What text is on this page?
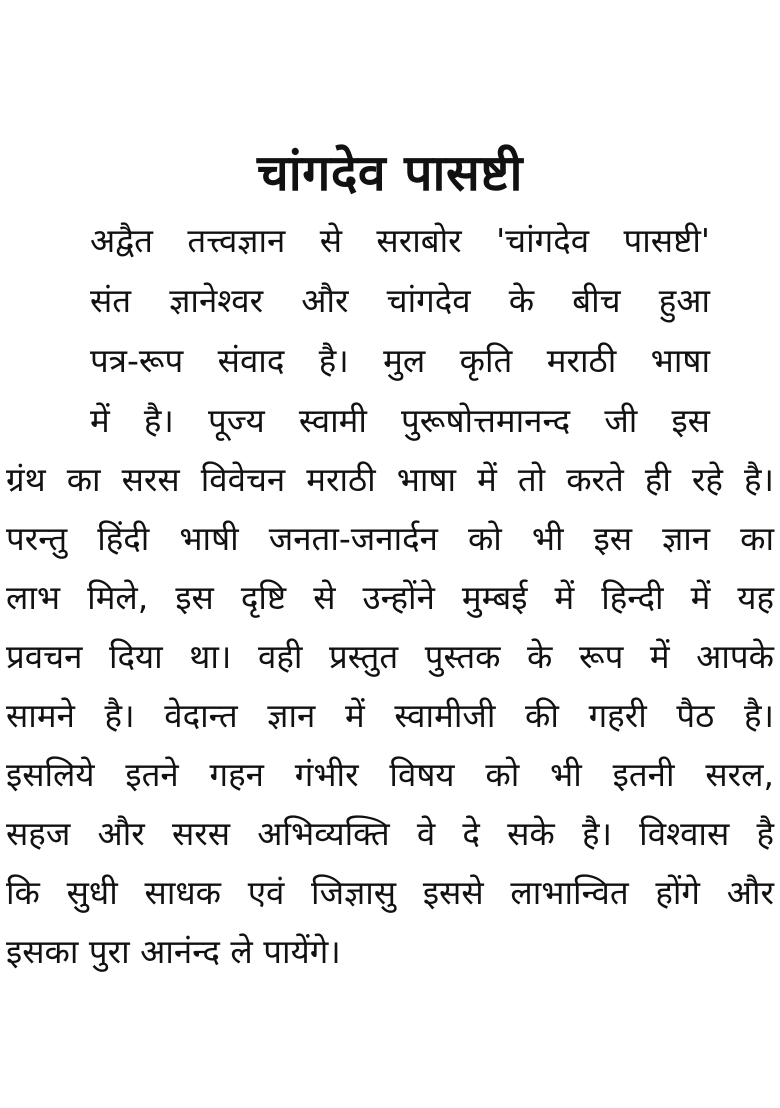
चांगदेव पासष्टी
अद्वैत तत्त्वज्ञान से सराबोर 'चांगदेव पासष्टी'
संत ज्ञानेश्वर और चांगदेव के बीच हुआ
पत्र-रूप संवाद है। मुल कृति मराठी भाषा
में है। पूज्य स्वामी पुरूषोत्तमानन्द जी इस
ग्रंथ का सरस विवेचन मराठी भाषा में तो करते ही रहे है।
परन्तु हिंदी भाषी जनता-जनार्दन को भी इस ज्ञान का
लाभ मिले, इस दृष्टि से उन्होंने मुम्बई में हिन्दी में यह
प्रवचन दिया था। वही प्रस्तुत पुस्तक के रूप में आपके
सामने है। वेदान्त ज्ञान में स्वामीजी की गहरी पैठ है।
इसलिये इतने गहन गंभीर विषय को भी इतनी सरल,
सहज और सरस अभिव्यक्ति वे दे सके है। विश्वास है
कि सुधी साधक एवं जिज्ञासु इससे लाभान्वित होंगे और
इसका पुरा आनंन्द ले पायेंगे।
